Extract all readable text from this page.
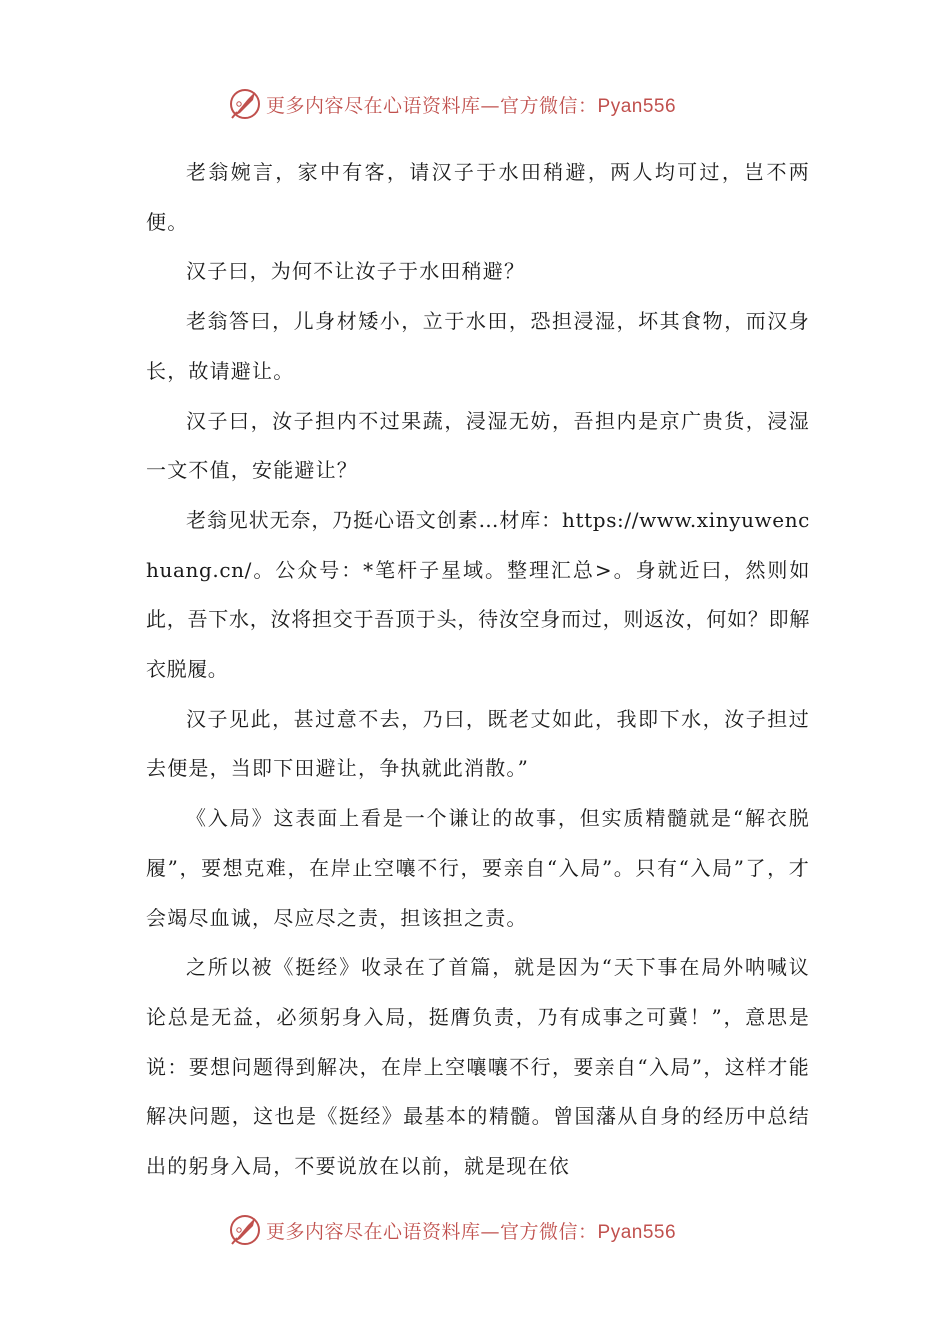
更多内容尽在心语资料库—官方微信：Pyan556

老翁婉言，家中有客，请汉子于水田稍避，两人均可过，岂不两便。

汉子曰，为何不让汝子于水田稍避？

老翁答曰，儿身材矮小，立于水田，恐担浸湿，坏其食物，而汉身长，故请避让。

汉子曰，汝子担内不过果蔬，浸湿无妨，吾担内是京广贵货，浸湿一文不值，安能避让？

老翁见状无奈，乃挺心语文创素…材库：https://www.xinyuwenchuang.cn/。公众号：*笔杆子星域。整理汇总>。身就近曰，然则如此，吾下水，汝将担交于吾顶于头，待汝空身而过，则返汝，何如？即解衣脱履。

汉子见此，甚过意不去，乃曰，既老丈如此，我即下水，汝子担过去便是，当即下田避让，争执就此消散。”

《入局》这表面上看是一个谦让的故事，但实质精髓就是“解衣脱履”，要想克难，在岸止空嚷不行，要亲自“入局”。只有“入局”了，才会竭尽血诚，尽应尽之责，担该担之责。

之所以被《挺经》收录在了首篇，就是因为“天下事在局外呐喊议论总是无益，必须躬身入局，挺膺负责，乃有成事之可冀！”，意思是说：要想问题得到解决，在岸上空嚷嚷不行，要亲自“入局”，这样才能解决问题，这也是《挺经》最基本的精髓。曾国藩从自身的经历中总结出的躬身入局，不要说放在以前，就是现在依

更多内容尽在心语资料库—官方微信：Pyan556
